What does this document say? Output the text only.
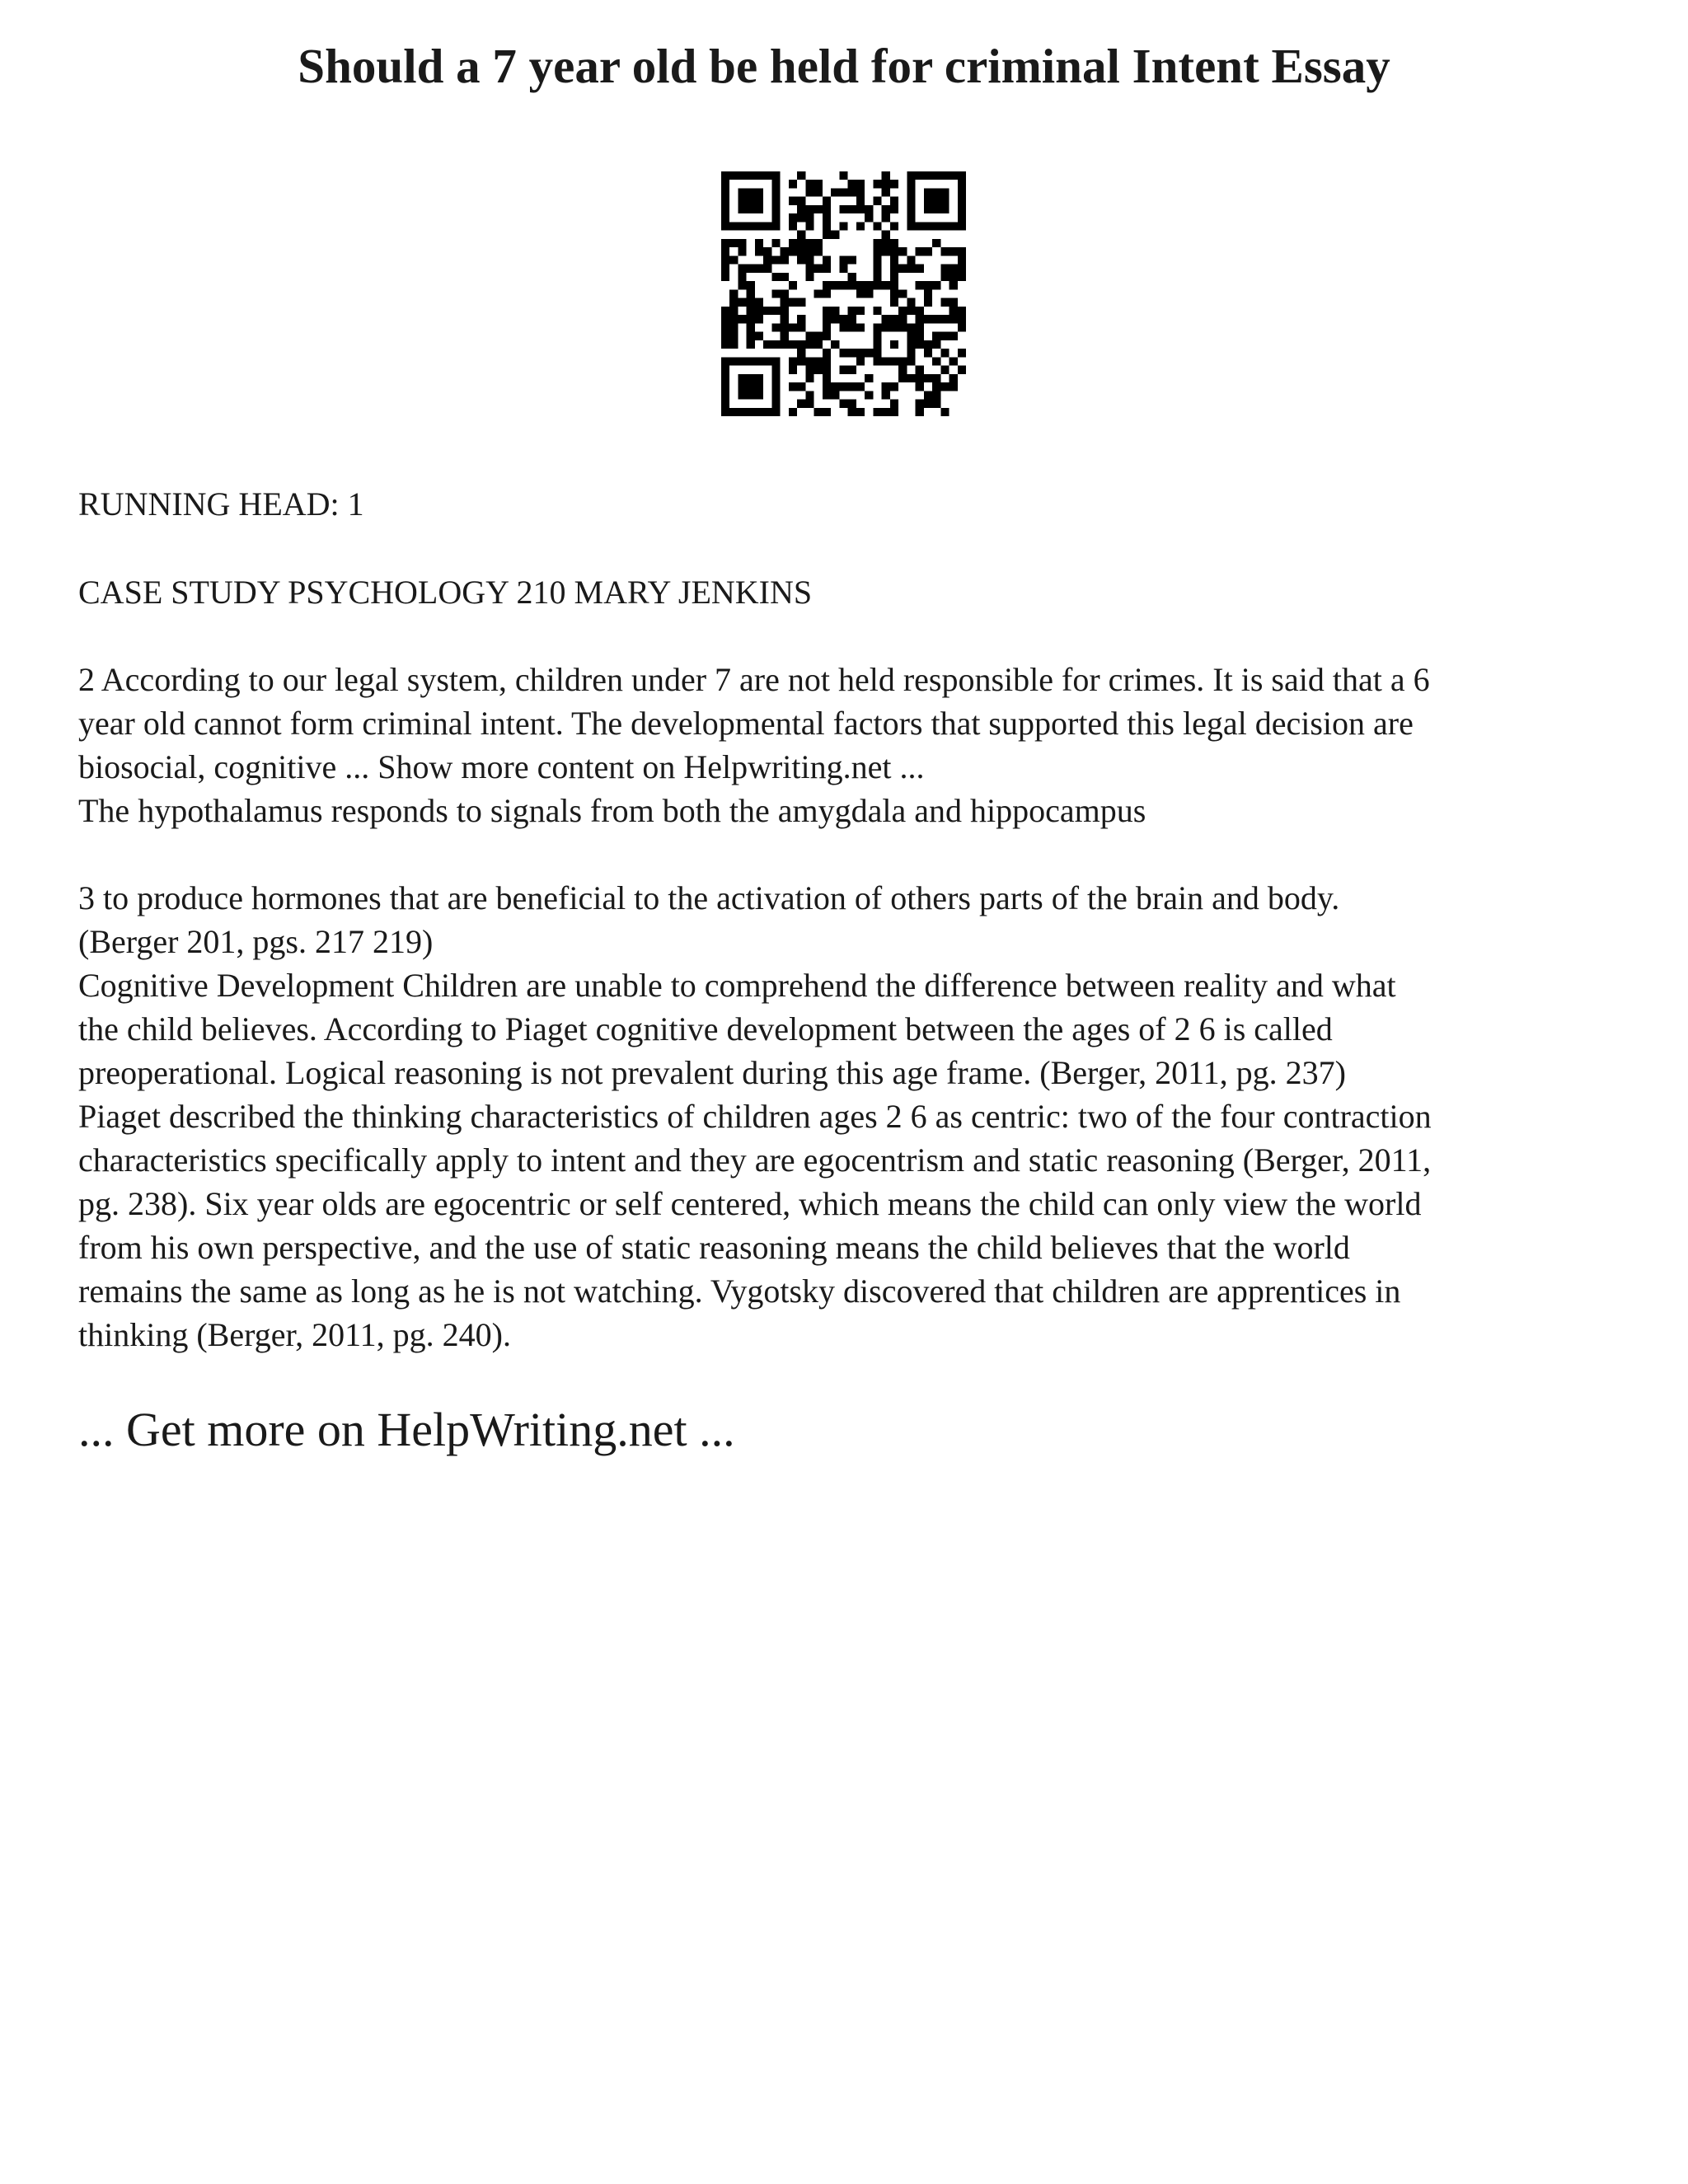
Should a 7 year old be held for criminal Intent Essay

RUNNING HEAD: 1

CASE STUDY PSYCHOLOGY 210 MARY JENKINS

2 According to our legal system, children under 7 are not held responsible for crimes. It is said that a 6
year old cannot form criminal intent. The developmental factors that supported this legal decision are
biosocial, cognitive ... Show more content on Helpwriting.net ...
The hypothalamus responds to signals from both the amygdala and hippocampus
3 to produce hormones that are beneficial to the activation of others parts of the brain and body.
(Berger 201, pgs. 217 219)
Cognitive Development Children are unable to comprehend the difference between reality and what
the child believes. According to Piaget cognitive development between the ages of 2 6 is called
preoperational. Logical reasoning is not prevalent during this age frame. (Berger, 2011, pg. 237)
Piaget described the thinking characteristics of children ages 2 6 as centric: two of the four contraction
characteristics specifically apply to intent and they are egocentrism and static reasoning (Berger, 2011,
pg. 238). Six year olds are egocentric or self centered, which means the child can only view the world
from his own perspective, and the use of static reasoning means the child believes that the world
remains the same as long as he is not watching. Vygotsky discovered that children are apprentices in
thinking (Berger, 2011, pg. 240).
... Get more on HelpWriting.net ...
